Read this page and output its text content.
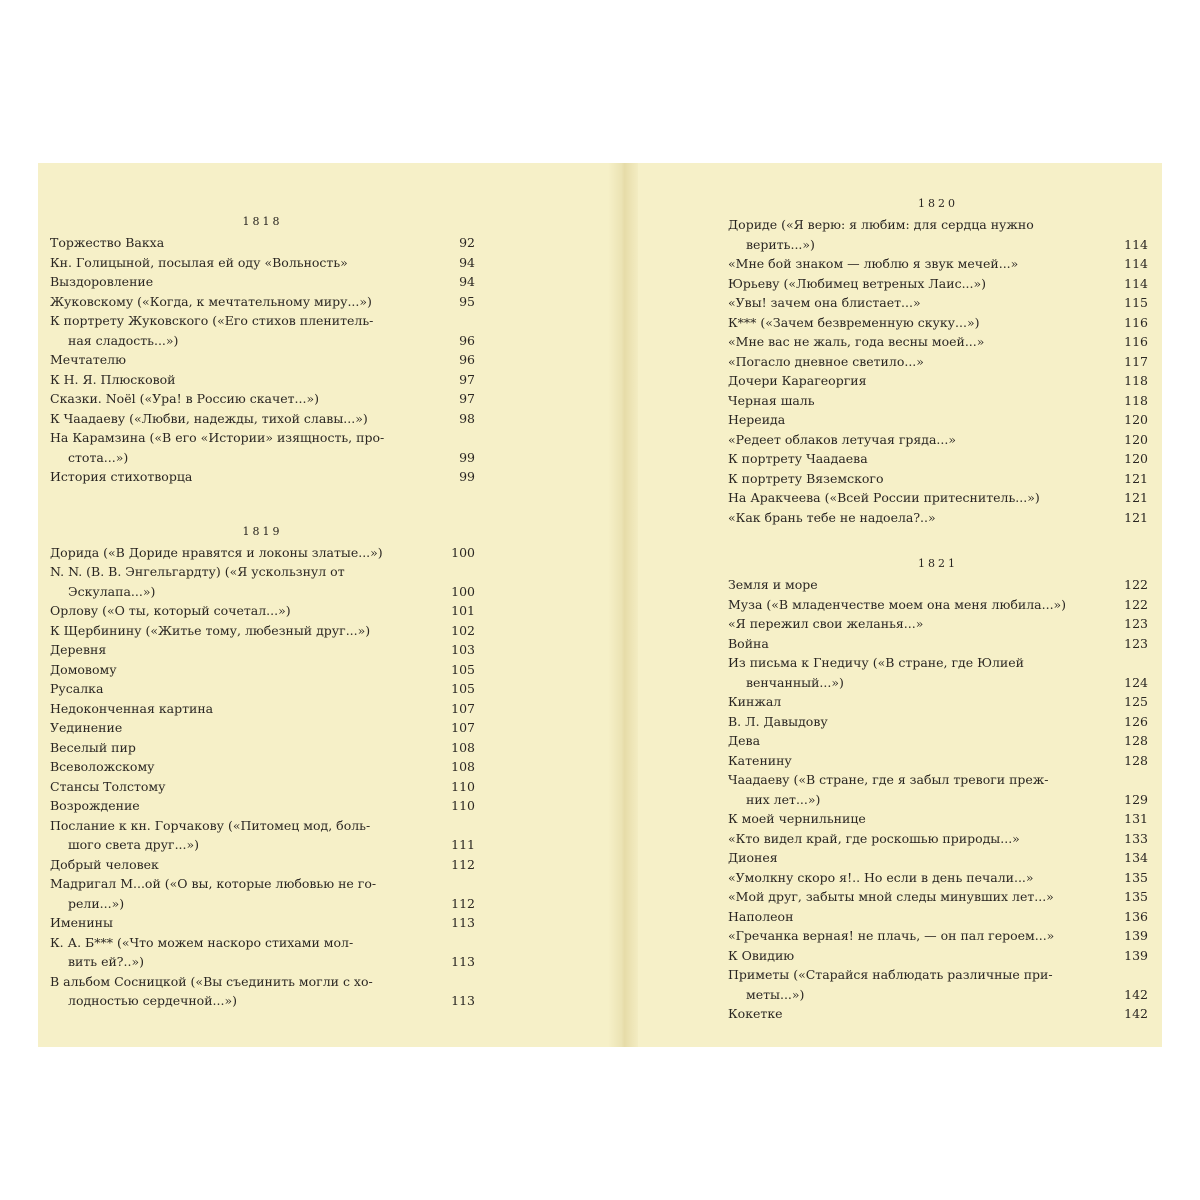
1818
Торжество Вакха	92
Кн. Голицыной, посылая ей оду «Вольность»	94
Выздоровление	94
Жуковскому («Когда, к мечтательному миру...»)	95
К портрету Жуковского («Его стихов пленитель-
ная сладость...»)	96
Мечтателю	96
К Н. Я. Плюсковой	97
Сказки. Noël («Ура! в Россию скачет...»)	97
К Чаадаеву («Любви, надежды, тихой славы...»)	98
На Карамзина («В его «Истории» изящность, про-
стота...»)	99
История стихотворца	99
1819
Дорида («В Дориде нравятся и локоны златые...»)	100
N. N. (В. В. Энгельгардту) («Я ускользнул от
Эскулапа...»)	100
Орлову («О ты, который сочетал...»)	101
К Щербинину («Житье тому, любезный друг...»)	102
Деревня	103
Домовому	105
Русалка	105
Недоконченная картина	107
Уединение	107
Веселый пир	108
Всеволожскому	108
Стансы Толстому	110
Возрождение	110
Послание к кн. Горчакову («Питомец мод, боль-
шого света друг...»)	111
Добрый человек	112
Мадригал М...ой («О вы, которые любовью не го-
рели...»)	112
Именины	113
К. А. Б*** («Что можем наскоро стихами мол-
вить ей?..»)	113
В альбом Сосницкой («Вы съединить могли с хо-
лодностью сердечной...»)	113
1820
Дориде («Я верю: я любим: для сердца нужно
верить...»)	114
«Мне бой знаком — люблю я звук мечей...»	114
Юрьеву («Любимец ветреных Лаис...»)	114
«Увы! зачем она блистает...»	115
К*** («Зачем безвременную скуку...»)	116
«Мне вас не жаль, года весны моей...»	116
«Погасло дневное светило...»	117
Дочери Карагеоргия	118
Черная шаль	118
Нереида	120
«Редеет облаков летучая гряда...»	120
К портрету Чаадаева	120
К портрету Вяземского	121
На Аракчеева («Всей России притеснитель...»)	121
«Как брань тебе не надоела?..»	121
1821
Земля и море	122
Муза («В младенчестве моем она меня любила...»)	122
«Я пережил свои желанья...»	123
Война	123
Из письма к Гнедичу («В стране, где Юлией
венчанный...»)	124
Кинжал	125
В. Л. Давыдову	126
Дева	128
Катенину	128
Чаадаеву («В стране, где я забыл тревоги преж-
них лет...»)	129
К моей чернильнице	131
«Кто видел край, где роскошью природы...»	133
Дионея	134
«Умолкну скоро я!.. Но если в день печали...»	135
«Мой друг, забыты мной следы минувших лет...»	135
Наполеон	136
«Гречанка верная! не плачь, — он пал героем...»	139
К Овидию	139
Приметы («Старайся наблюдать различные при-
меты...»)	142
Кокетке	142
